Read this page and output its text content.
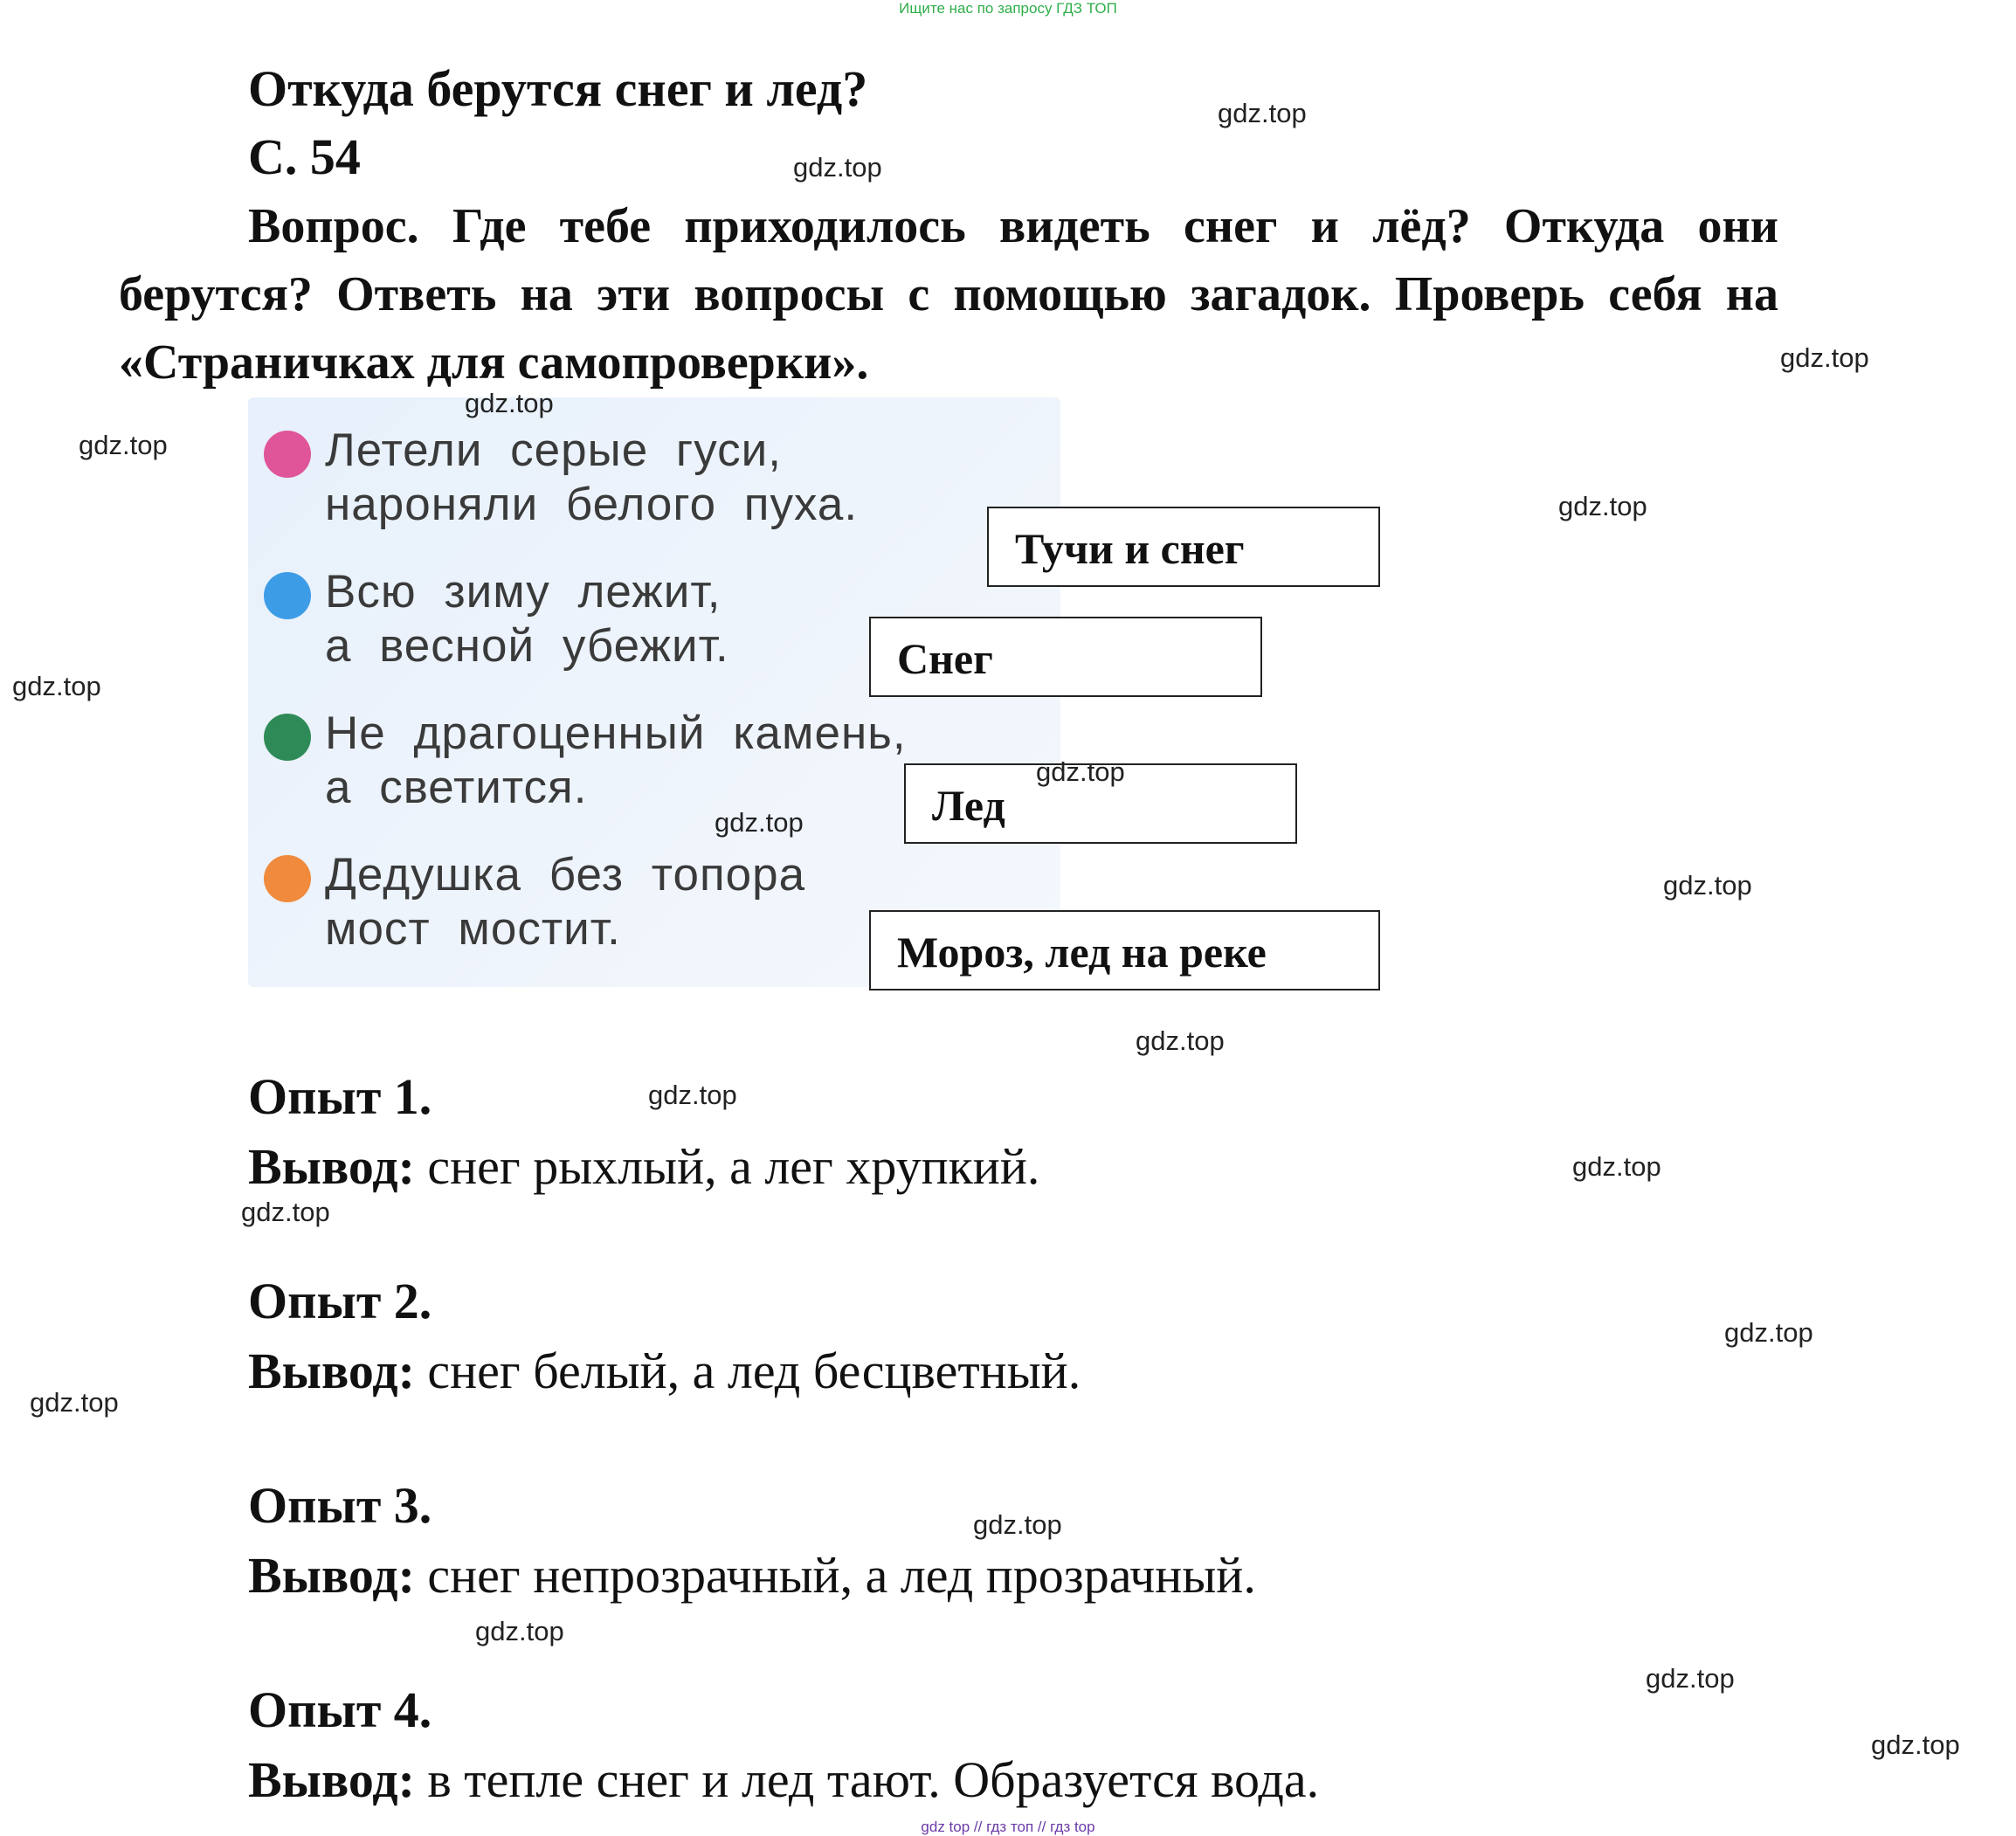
Ищите нас по запросу ГДЗ ТОП
Откуда берутся снег и лед?
С. 54

Вопрос. Где тебе приходилось видеть снег и лёд? Откуда они

берутся? Ответь на эти вопросы с помощью загадок. Проверь себя на

«Страничках для самопроверки».

Летели серые гуси,
нароняли белого пуха.
Всю зиму лежит,
а весной убежит.
Не драгоценный камень,
а светится.
Дедушка без топора
мост мостит.
Тучи и снег
Снег
Лед
Мороз, лед на реке
Опыт 1.
Вывод: снег рыхлый, а лег хрупкий.
Опыт 2.
Вывод: снег белый, а лед бесцветный.
Опыт 3.
Вывод: снег непрозрачный, а лед прозрачный.
Опыт 4.
Вывод: в тепле снег и лед тают. Образуется вода.
gdz.top
gdz.top
gdz.top
gdz.top
gdz.top
gdz.top
gdz.top
gdz.top
gdz.top
gdz.top
gdz.top
gdz.top
gdz.top
gdz.top
gdz.top
gdz.top
gdz.top
gdz.top
gdz.top
gdz.top
gdz top // гдз топ // гдз top
